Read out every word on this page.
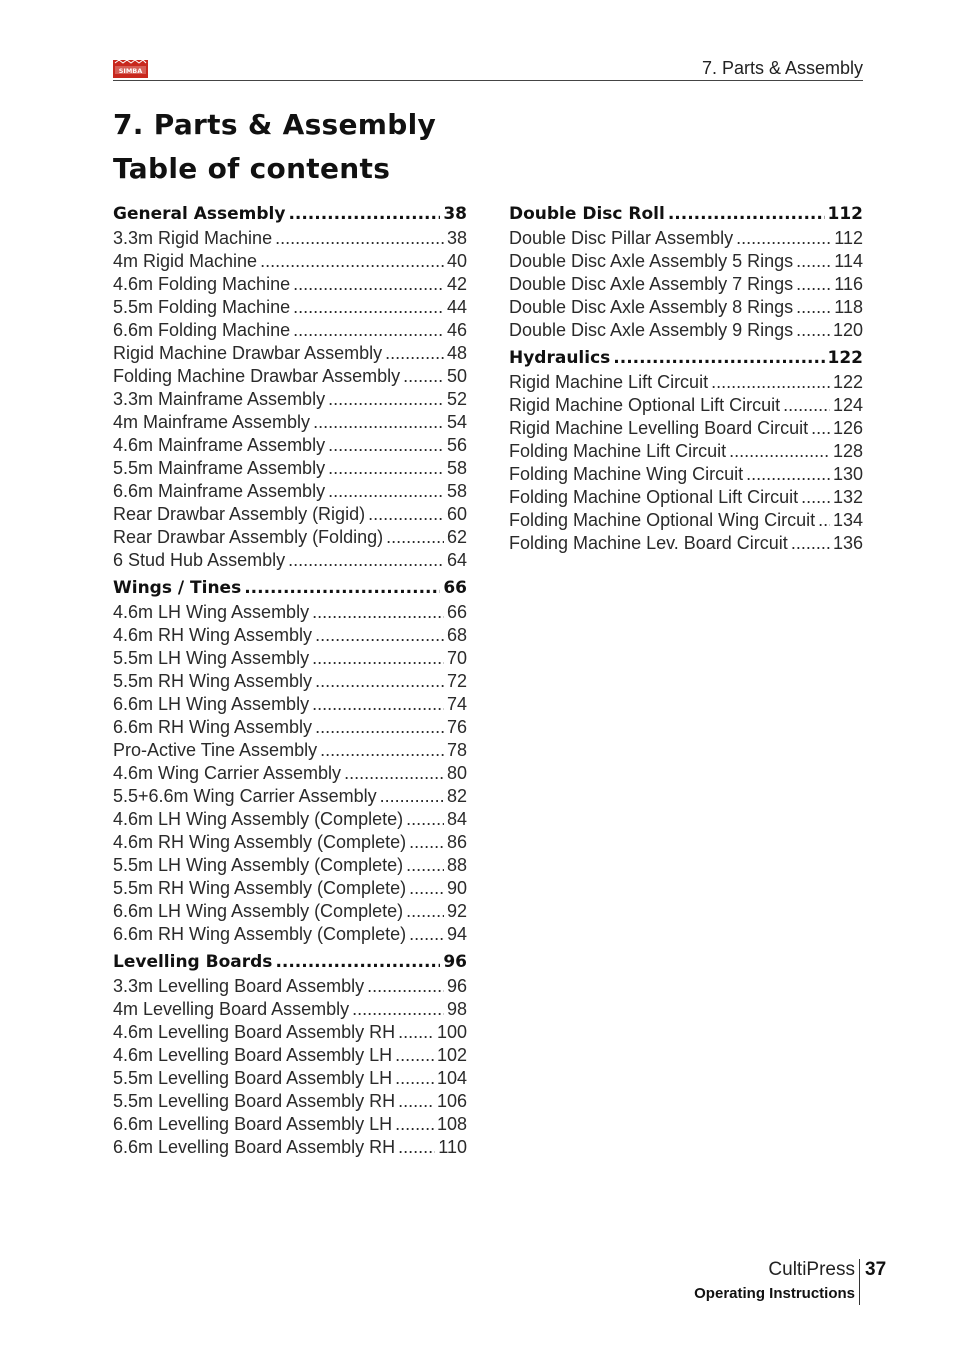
SIMBA	7. Parts & Assembly
7. Parts & Assembly
Table of contents
General Assembly .....	38
3.3m Rigid Machine .....	38
4m Rigid Machine .....	40
4.6m Folding Machine .....	42
5.5m Folding Machine .....	44
6.6m Folding Machine .....	46
Rigid Machine Drawbar Assembly .....	48
Folding Machine Drawbar Assembly .....	50
3.3m Mainframe Assembly .....	52
4m Mainframe Assembly .....	54
4.6m Mainframe Assembly .....	56
5.5m Mainframe Assembly .....	58
6.6m Mainframe Assembly .....	58
Rear Drawbar Assembly (Rigid) .....	60
Rear Drawbar Assembly (Folding) .....	62
6 Stud Hub Assembly .....	64
Wings / Tines .....	66
4.6m LH Wing Assembly .....	66
4.6m RH Wing Assembly .....	68
5.5m LH Wing Assembly .....	70
5.5m RH Wing Assembly .....	72
6.6m LH Wing Assembly .....	74
6.6m RH Wing Assembly .....	76
Pro-Active Tine Assembly .....	78
4.6m Wing Carrier Assembly .....	80
5.5+6.6m Wing Carrier Assembly .....	82
4.6m LH Wing Assembly (Complete) ..... 84
4.6m RH Wing Assembly (Complete) ..... 86
5.5m LH Wing Assembly (Complete) ..... 88
5.5m RH Wing Assembly (Complete) ..... 90
6.6m LH Wing Assembly (Complete) ..... 92
6.6m RH Wing Assembly (Complete) ..... 94
Levelling Boards .....	96
3.3m Levelling Board Assembly .....	96
4m Levelling Board Assembly .....	98
4.6m Levelling Board Assembly RH ..... 100
4.6m Levelling Board Assembly LH ..... 102
5.5m Levelling Board Assembly LH ..... 104
5.5m Levelling Board Assembly RH ..... 106
6.6m Levelling Board Assembly LH ..... 108
6.6m Levelling Board Assembly RH ..... 110
Double Disc Roll .....	112
Double Disc Pillar Assembly .....	112
Double Disc Axle Assembly 5 Rings ..... 114
Double Disc Axle Assembly 7 Rings ..... 116
Double Disc Axle Assembly 8 Rings ..... 118
Double Disc Axle Assembly 9 Rings ..... 120
Hydraulics .....	122
Rigid Machine Lift Circuit .....	122
Rigid Machine Optional Lift Circuit .....	124
Rigid Machine Levelling Board Circuit ..... 126
Folding Machine Lift Circuit .....	128
Folding Machine Wing Circuit .....	130
Folding Machine Optional Lift Circuit ..... 132
Folding Machine Optional Wing Circuit ..... 134
Folding Machine Lev. Board Circuit .....	136
CultiPress
Operating Instructions
37
